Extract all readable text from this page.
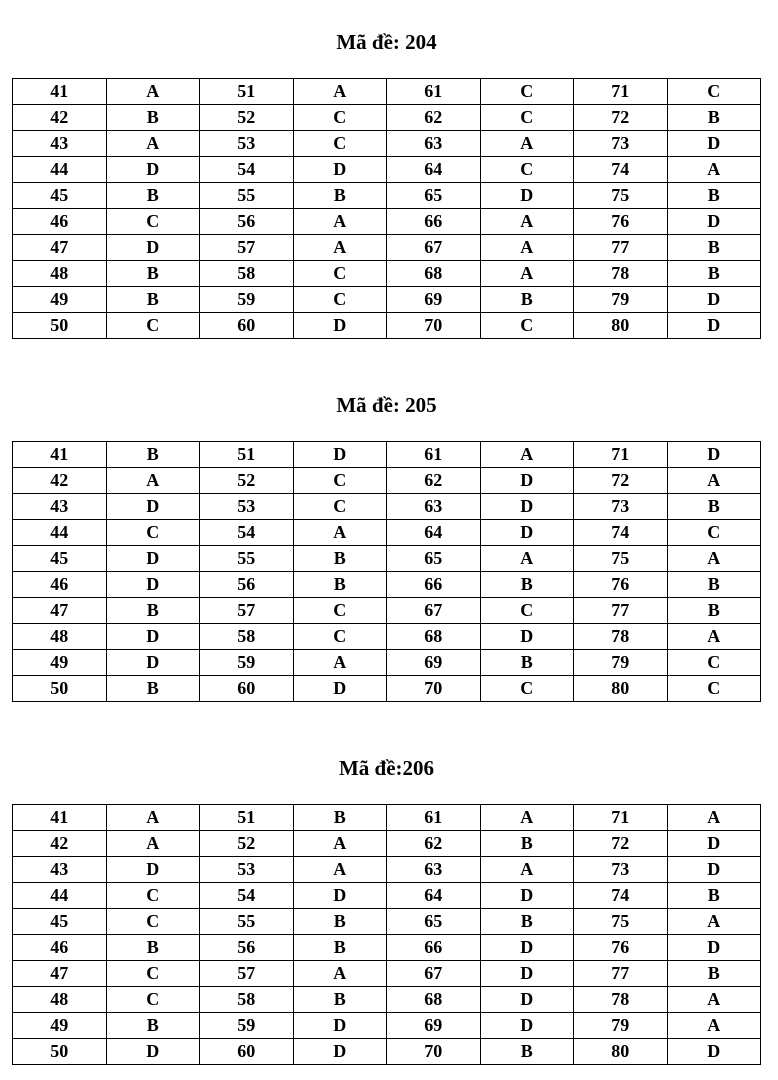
Mã đề: 204
41	A	51	A	61	C	71	C
42	B	52	C	62	C	72	B
43	A	53	C	63	A	73	D
44	D	54	D	64	C	74	A
45	B	55	B	65	D	75	B
46	C	56	A	66	A	76	D
47	D	57	A	67	A	77	B
48	B	58	C	68	A	78	B
49	B	59	C	69	B	79	D
50	C	60	D	70	C	80	D
Mã đề: 205
41	B	51	D	61	A	71	D
42	A	52	C	62	D	72	A
43	D	53	C	63	D	73	B
44	C	54	A	64	D	74	C
45	D	55	B	65	A	75	A
46	D	56	B	66	B	76	B
47	B	57	C	67	C	77	B
48	D	58	C	68	D	78	A
49	D	59	A	69	B	79	C
50	B	60	D	70	C	80	C
Mã đề:206
41	A	51	B	61	A	71	A
42	A	52	A	62	B	72	D
43	D	53	A	63	A	73	D
44	C	54	D	64	D	74	B
45	C	55	B	65	B	75	A
46	B	56	B	66	D	76	D
47	C	57	A	67	D	77	B
48	C	58	B	68	D	78	A
49	B	59	D	69	D	79	A
50	D	60	D	70	B	80	D
